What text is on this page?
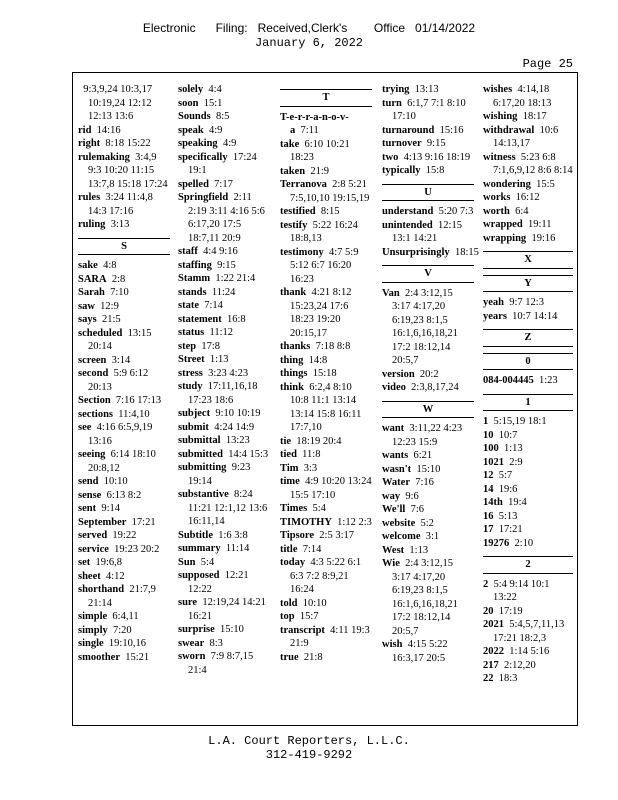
Electronic      Filing:   Received,Clerk's        Office   01/14/2022
January 6, 2022
Page 25
9:3,9,24 10:3,17 10:19,24 12:12 12:13 13:6
rid 14:16
right 8:18 15:22
rulemaking 3:4,9 9:3 10:20 11:15 13:7,8 15:18 17:24
rules 3:24 11:4,8 14:3 17:16
ruling 3:13
S
sake 4:8
SARA 2:8
Sarah 7:10
saw 12:9
says 21:5
scheduled 13:15 20:14
screen 3:14
second 5:9 6:12 20:13
Section 7:16 17:13
sections 11:4,10
see 4:16 6:5,9,19 13:16
seeing 6:14 18:10 20:8,12
send 10:10
sense 6:13 8:2
sent 9:14
September 17:21
served 19:22
service 19:23 20:2
set 19:6,8
sheet 4:12
shorthand 21:7,9 21:14
simple 6:4,11
simply 7:20
single 19:10,16
smoother 15:21
solely 4:4
soon 15:1
Sounds 8:5
speak 4:9
speaking 4:9
specifically 17:24 19:1
spelled 7:17
Springfield 2:11 2:19 3:11 4:16 5:6 6:17,20 17:5 18:7,11 20:9
staff 4:4 9:16
staffing 9:15
Stamm 1:22 21:4
stands 11:24
state 7:14
statement 16:8
status 11:12
step 17:8
Street 1:13
stress 3:23 4:23
study 17:11,16,18 17:23 18:6
subject 9:10 10:19
submit 4:24 14:9
submittal 13:23
submitted 14:4 15:3
submitting 9:23 19:14
substantive 8:24 11:21 12:1,12 13:6 16:11,14
Subtitle 1:6 3:8
summary 11:14
Sun 5:4
supposed 12:21 12:22
sure 12:19,24 14:21 16:21
surprise 15:10
swear 8:3
sworn 7:9 8:7,15 21:4
T
T-e-r-r-a-n-o-v-a 7:11
take 6:10 10:21 18:23
taken 21:9
Terranova 2:8 5:21 7:5,10,10 19:15,19
testified 8:15
testify 5:22 16:24 18:8,13
testimony 4:7 5:9 5:12 6:7 16:20 16:23
thank 4:21 8:12 15:23,24 17:6 18:23 19:20 20:15,17
thanks 7:18 8:8
thing 14:8
things 15:18
think 6:2,4 8:10 10:8 11:1 13:14 13:14 15:8 16:11 17:7,10
tie 18:19 20:4
tied 11:8
Tim 3:3
time 4:9 10:20 13:24 15:5 17:10
Times 5:4
TIMOTHY 1:12 2:3
Tipsore 2:5 3:17
title 7:14
today 4:3 5:22 6:1 6:3 7:2 8:9,21 16:24
told 10:10
top 15:7
transcript 4:11 19:3 21:9
true 21:8
trying 13:13
turn 6:1,7 7:1 8:10 17:10
turnaround 15:16
turnover 9:15
two 4:13 9:16 18:19
typically 15:8
U
understand 5:20 7:3
unintended 12:15 13:1 14:21
Unsurprisingly 18:15
V
Van 2:4 3:12,15 3:17 4:17,20 6:19,23 8:1,5 16:1,6,16,18,21 17:2 18:12,14 20:5,7
version 20:2
video 2:3,8,17,24
W
want 3:11,22 4:23 12:23 15:9
wants 6:21
wasn't 15:10
Water 7:16
way 9:6
We'll 7:6
website 5:2
welcome 3:1
West 1:13
Wie 2:4 3:12,15 3:17 4:17,20 6:19,23 8:1,5 16:1,6,16,18,21 17:2 18:12,14 20:5,7
wish 4:15 5:22 16:3,17 20:5
wishes 4:14,18 6:17,20 18:13
wishing 18:17
withdrawal 10:6 14:13,17
witness 5:23 6:8 7:1,6,9,12 8:6 8:14
wondering 15:5
works 16:12
worth 6:4
wrapped 19:11
wrapping 19:16
X
Y
yeah 9:7 12:3
years 10:7 14:14
Z
0
084-004445 1:23
1
1 5:15,19 18:1
10 10:7
100 1:13
1021 2:9
12 5:7
14 19:6
14th 19:4
16 5:13
17 17:21
19276 2:10
2
2 5:4 9:14 10:1 13:22
20 17:19
2021 5:4,5,7,11,13 17:21 18:2,3
2022 1:14 5:16
217 2:12,20
22 18:3
L.A. Court Reporters, L.L.C.
312-419-9292
